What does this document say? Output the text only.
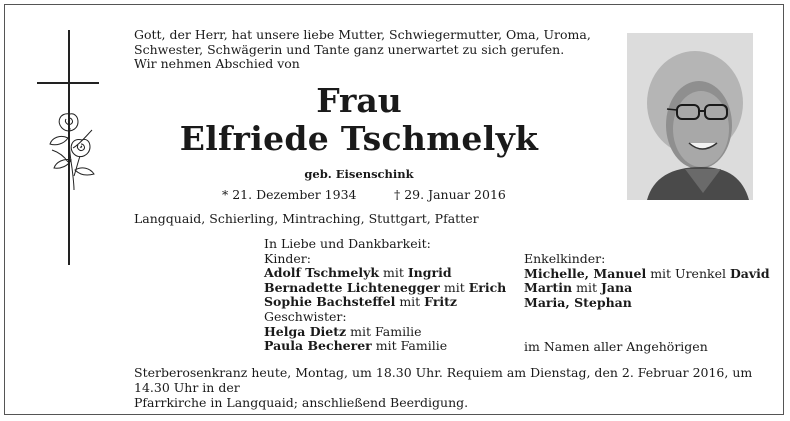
Gott, der Herr, hat unsere liebe Mutter, Schwiegermutter, Oma, Uroma,
Schwester, Schwägerin und Tante ganz unerwartet zu sich gerufen.
Wir nehmen Abschied von
Frau
Elfriede Tschmelyk
geb. Eisenschink
* 21. Dezember 1934	† 29. Januar 2016
Langquaid, Schierling, Mintraching, Stuttgart, Pfatter
In Liebe und Dankbarkeit:
Kinder:
Adolf Tschmelyk mit Ingrid
Bernadette Lichtenegger mit Erich
Sophie Bachsteffel mit Fritz
Geschwister:
Helga Dietz mit Familie
Paula Becherer mit Familie
Enkelkinder:
Michelle, Manuel mit Urenkel David
Martin mit Jana
Maria, Stephan

im Namen aller Angehörigen
Sterberosenkranz heute, Montag, um 18.30 Uhr. Requiem am Dienstag, den 2. Februar 2016, um 14.30 Uhr in der
Pfarrkirche in Langquaid; anschließend Beerdigung.
